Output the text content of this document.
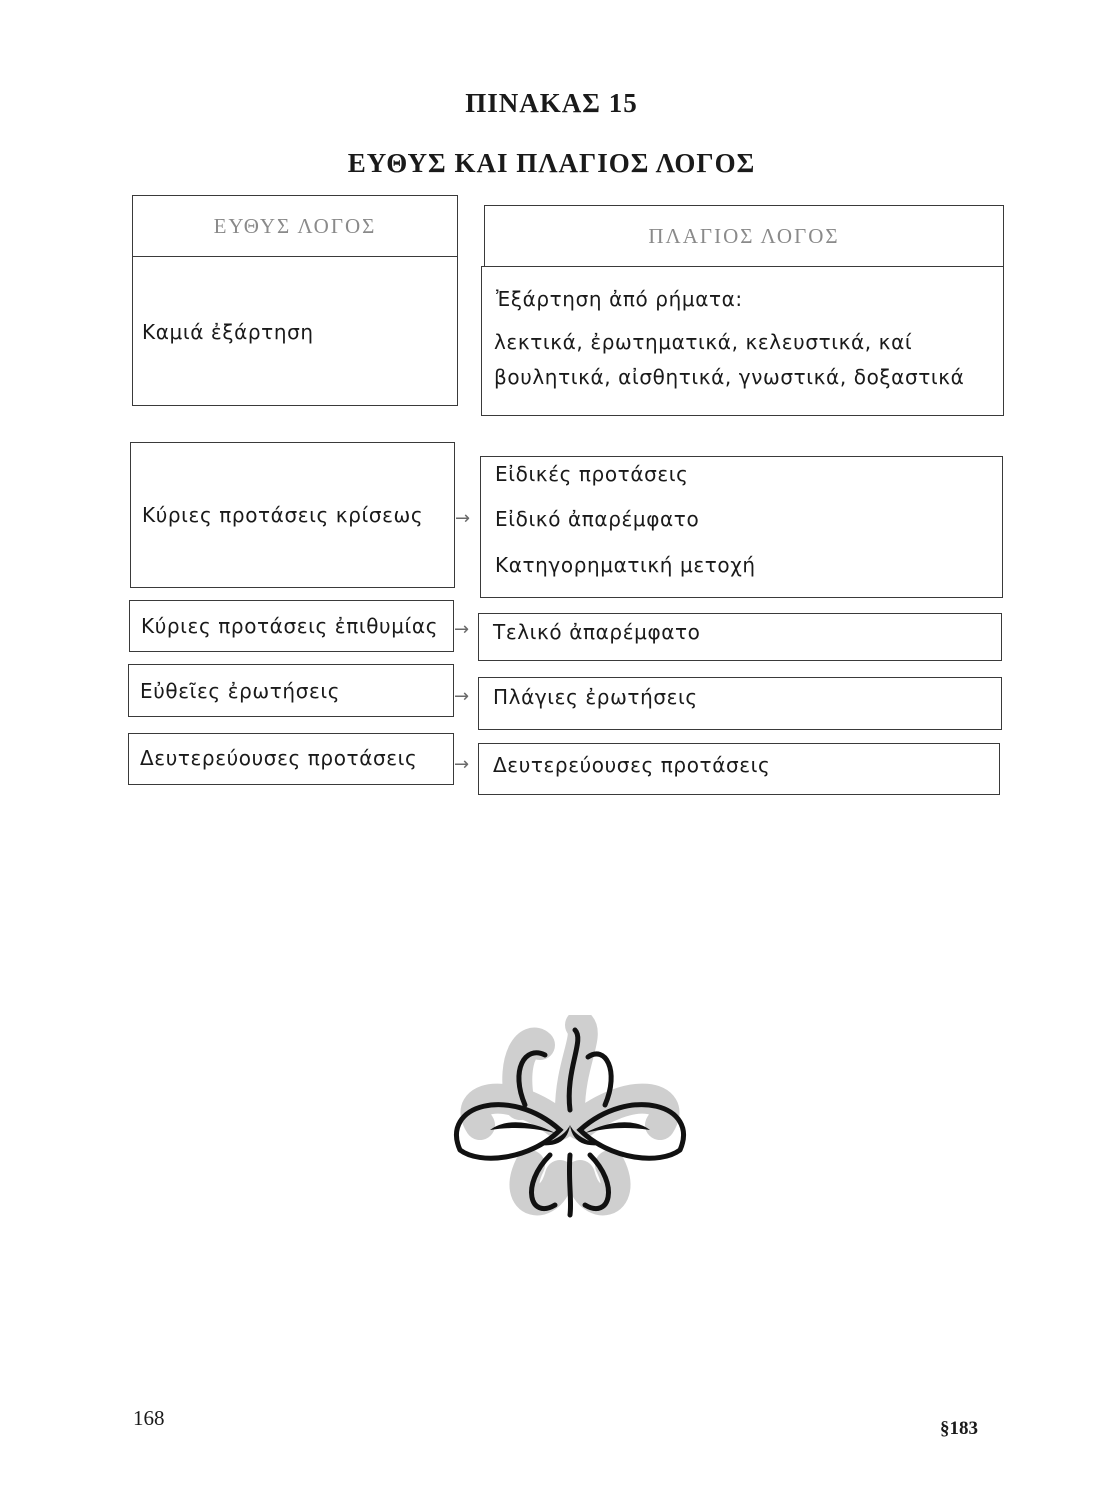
ΠΙΝΑΚΑΣ 15
ΕΥΘΥΣ ΚΑΙ ΠΛΑΓΙΟΣ ΛΟΓΟΣ
ΕΥΘΥΣ ΛΟΓΟΣ	ΠΛΑΓΙΟΣ ΛΟΓΟΣ
Καμιά ἐξάρτηση
Ἐξάρτηση ἀπό ρήματα:
λεκτικά, ἐρωτηματικά, κελευστικά, καί
βουλητικά, αἰσθητικά, γνωστικά, δοξαστικά
Κύριες προτάσεις κρίσεως →
Εἰδικές προτάσεις
Εἰδικό ἀπαρέμφατο
Κατηγορηματική μετοχή
Κύριες προτάσεις ἐπιθυμίας → Τελικό ἀπαρέμφατο
Εὐθεῖες ἐρωτήσεις	→ Πλάγιες ἐρωτήσεις
Δευτερεύουσες προτάσεις → Δευτερεύουσες προτάσεις
168	§183
